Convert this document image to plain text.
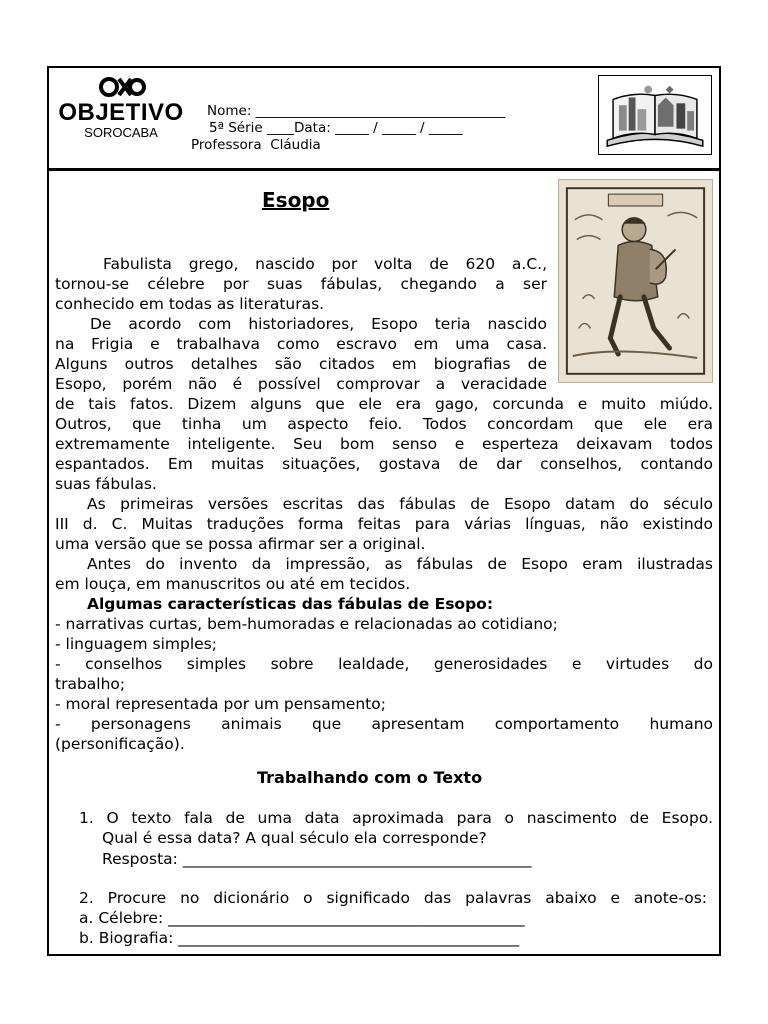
OBJETIVO
SOROCABA
Nome: _____________________________________
5ª Série ____Data: _____ / _____ / _____
Professora  Cláudia
Esopo
Fabulista grego, nascido por volta de 620 a.C.,
tornou-se célebre por suas fábulas, chegando a ser
conhecido em todas as literaturas.
De acordo com historiadores, Esopo teria nascido
na Frigia e trabalhava como escravo em uma casa.
Alguns outros detalhes são citados em biografias de
Esopo, porém não é possível comprovar a veracidade
de tais fatos. Dizem alguns que ele era gago, corcunda e muito miúdo.
Outros, que tinha um aspecto feio. Todos concordam que ele era
extremamente inteligente. Seu bom senso e esperteza deixavam todos
espantados. Em muitas situações, gostava de dar conselhos, contando
suas fábulas.
As primeiras versões escritas das fábulas de Esopo datam do século
III d. C. Muitas traduções forma feitas para várias línguas, não existindo
uma versão que se possa afirmar ser a original.
Antes do invento da impressão, as fábulas de Esopo eram ilustradas
em louça, em manuscritos ou até em tecidos.
Algumas características das fábulas de Esopo:
- narrativas curtas, bem-humoradas e relacionadas ao cotidiano;
- linguagem simples;
- conselhos simples sobre lealdade, generosidades e virtudes do
trabalho;
- moral representada por um pensamento;
- personagens animais que apresentam comportamento humano
(personificação).
Trabalhando com o Texto
1. O texto fala de uma data aproximada para o nascimento de Esopo.
Qual é essa data? A qual século ela corresponde?
Resposta: _____________________________________________
2. Procure no dicionário o significado das palavras abaixo e anote-os:
a. Célebre: ______________________________________________
b. Biografia: ____________________________________________
